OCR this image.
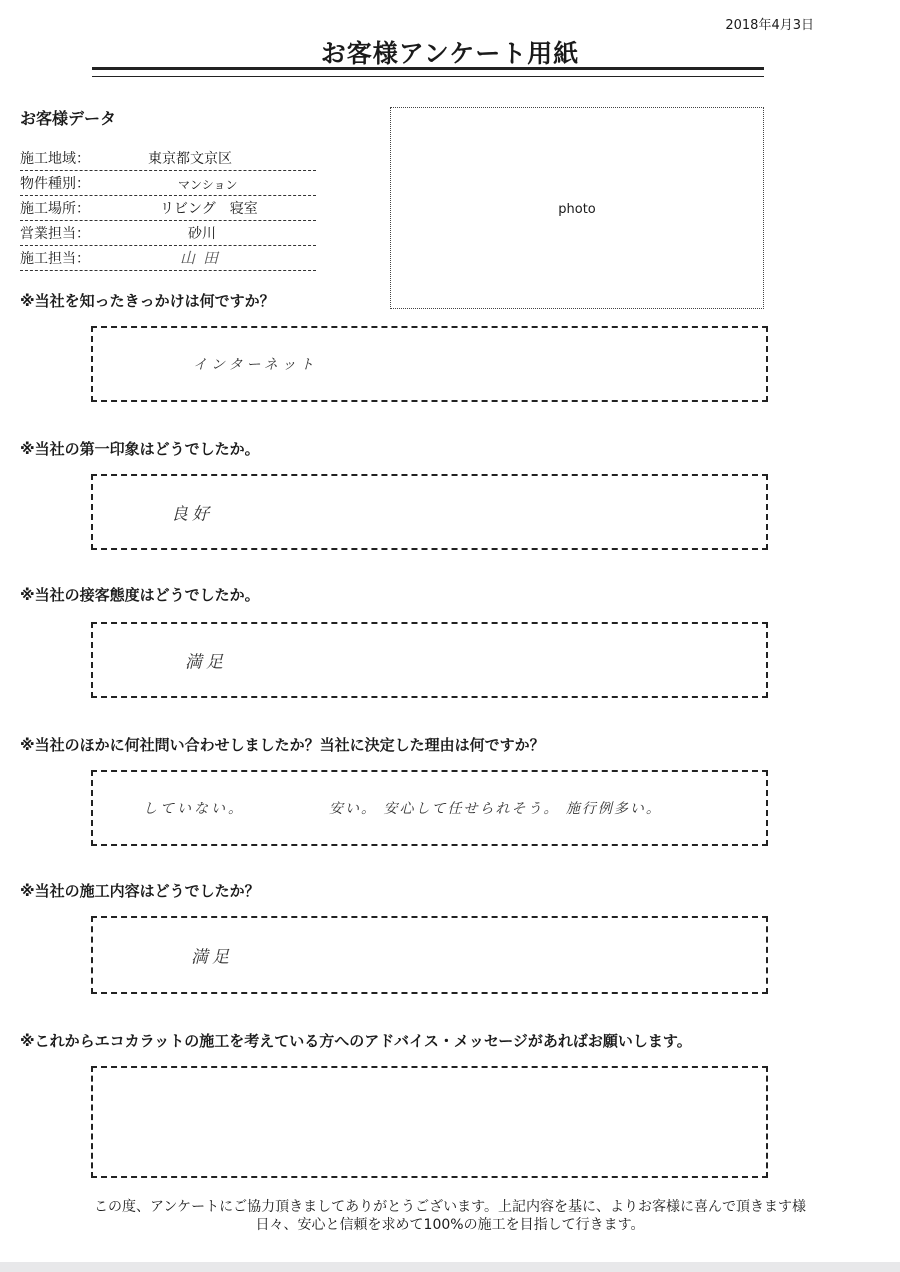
2018年4月3日
お客様アンケート用紙
お客様データ
施工地域：	東京都文京区
物件種別：	マンション
施工場所：	リビング　寝室
営業担当：	砂川
施工担当：	山田
photo
※当社を知ったきっかけは何ですか？
インターネット
※当社の第一印象はどうでしたか。
良好
※当社の接客態度はどうでしたか。
満足
※当社のほかに何社問い合わせしましたか？当社に決定した理由は何ですか？
していない。	安い。 安心して任せられそう。 施行例多い。
※当社の施工内容はどうでしたか？
満足
※これからエコカラットの施工を考えている方へのアドバイス・メッセージがあればお願いします。
この度、アンケートにご協力頂きましてありがとうございます。上記内容を基に、よりお客様に喜んで頂きます様
日々、安心と信頼を求めて100%の施工を目指して行きます。
